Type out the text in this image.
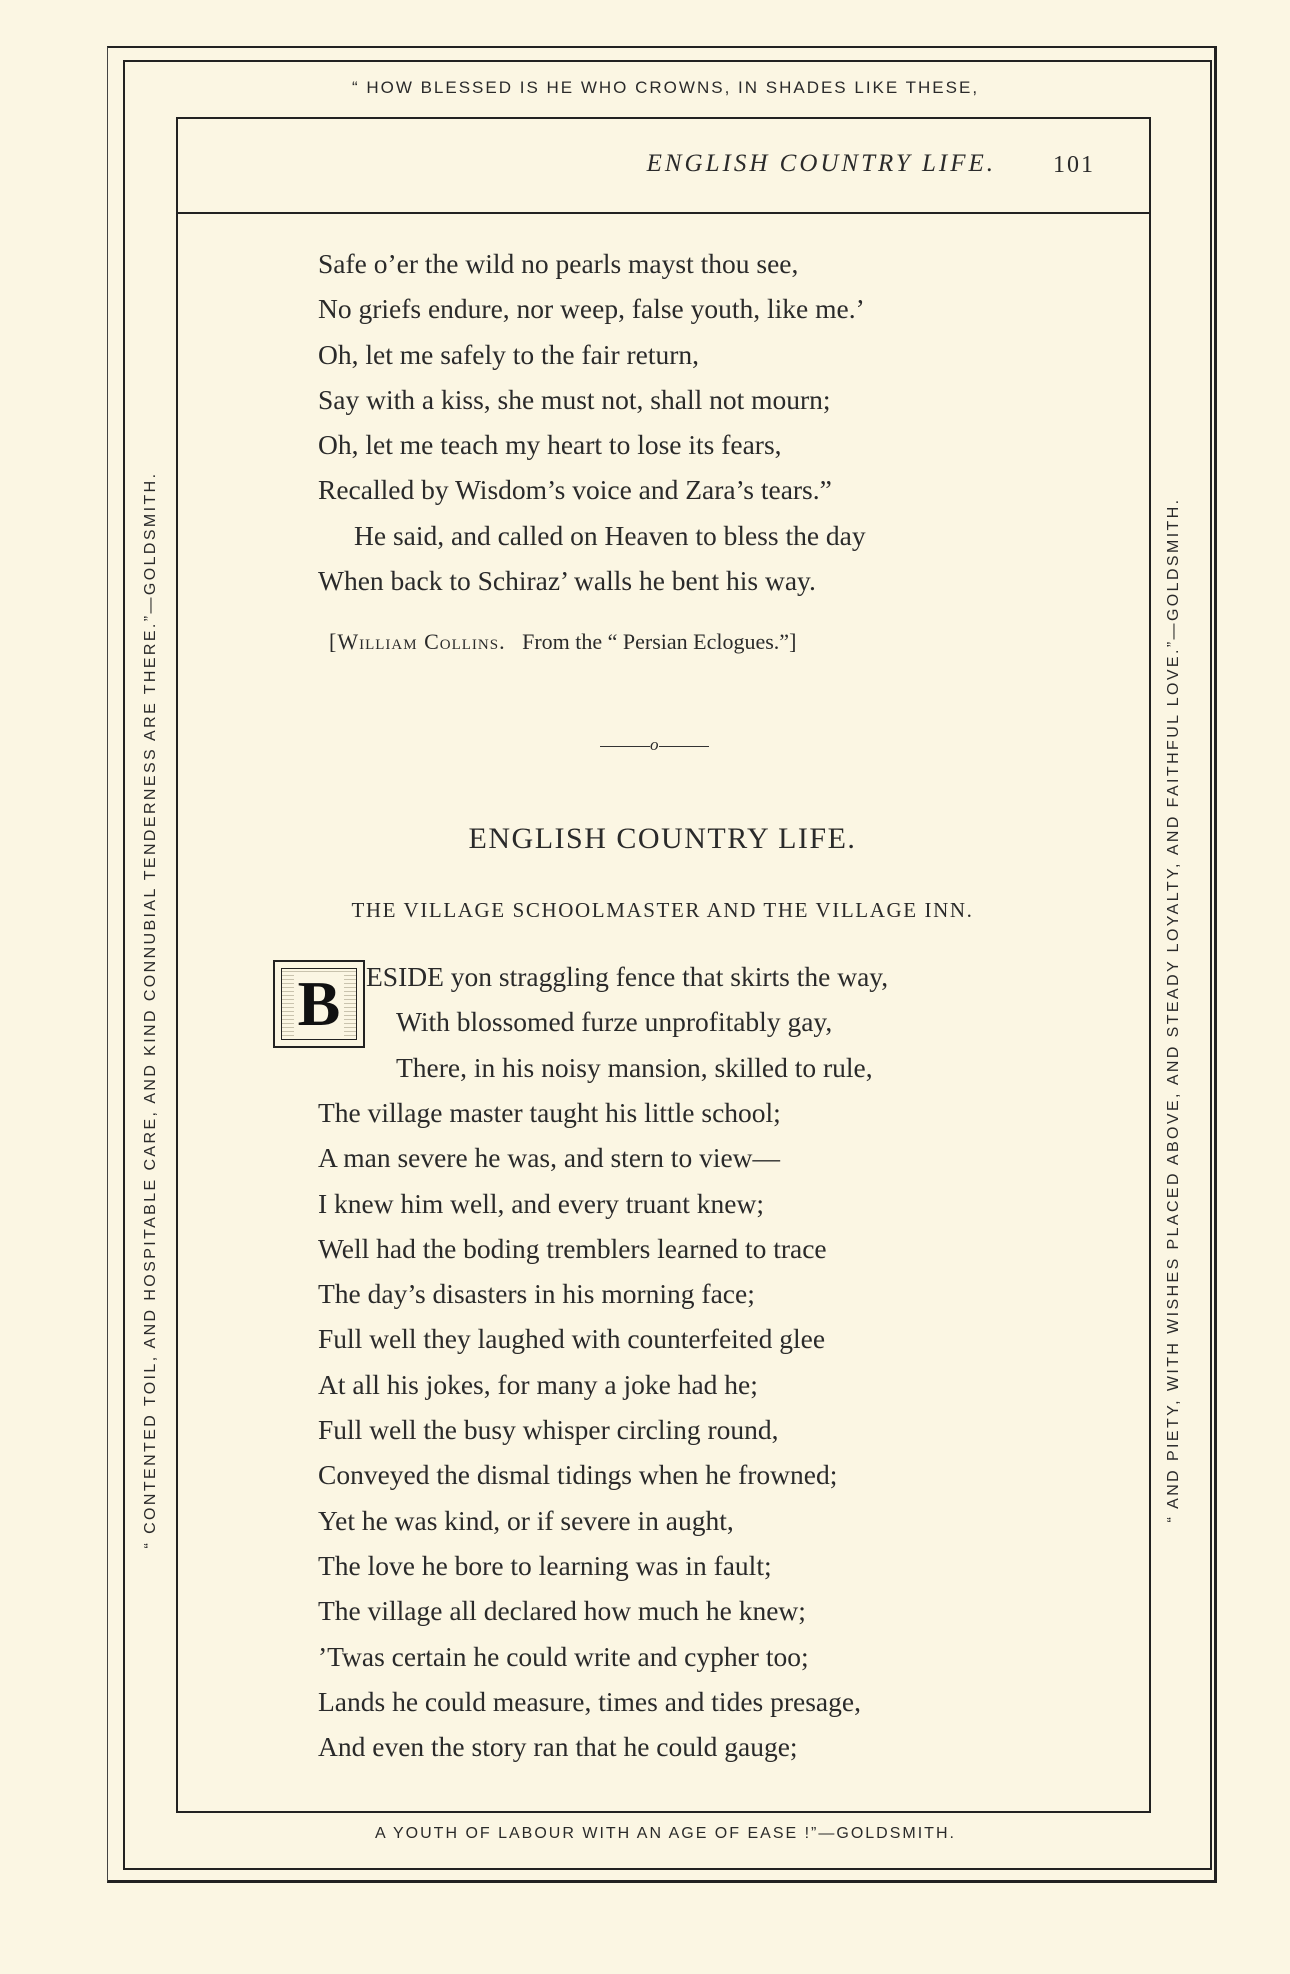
“ HOW BLESSED IS HE WHO CROWNS, IN SHADES LIKE THESE,
A YOUTH OF LABOUR WITH AN AGE OF EASE !”—GOLDSMITH.
“ CONTENTED TOIL, AND HOSPITABLE CARE, AND KIND CONNUBIAL TENDERNESS ARE THERE.”—GOLDSMITH.	“ AND PIETY, WITH WISHES PLACED ABOVE, AND STEADY LOYALTY, AND FAITHFUL LOVE.”—GOLDSMITH.
ENGLISH COUNTRY LIFE. 101
Safe o’er the wild no pearls mayst thou see,
No griefs endure, nor weep, false youth, like me.’
Oh, let me safely to the fair return,
Say with a kiss, she must not, shall not mourn;
Oh, let me teach my heart to lose its fears,
Recalled by Wisdom’s voice and Zara’s tears.”
He said, and called on Heaven to bless the day
When back to Schiraz’ walls he bent his way.
[William Collins. From the “ Persian Eclogues.”]
o
ENGLISH COUNTRY LIFE.
THE VILLAGE SCHOOLMASTER AND THE VILLAGE INN.
B ESIDE yon straggling fence that skirts the way,
With blossomed furze unprofitably gay,
There, in his noisy mansion, skilled to rule,
The village master taught his little school;
A man severe he was, and stern to view—
I knew him well, and every truant knew;
Well had the boding tremblers learned to trace
The day’s disasters in his morning face;
Full well they laughed with counterfeited glee
At all his jokes, for many a joke had he;
Full well the busy whisper circling round,
Conveyed the dismal tidings when he frowned;
Yet he was kind, or if severe in aught,
The love he bore to learning was in fault;
The village all declared how much he knew;
’Twas certain he could write and cypher too;
Lands he could measure, times and tides presage,
And even the story ran that he could gauge;
